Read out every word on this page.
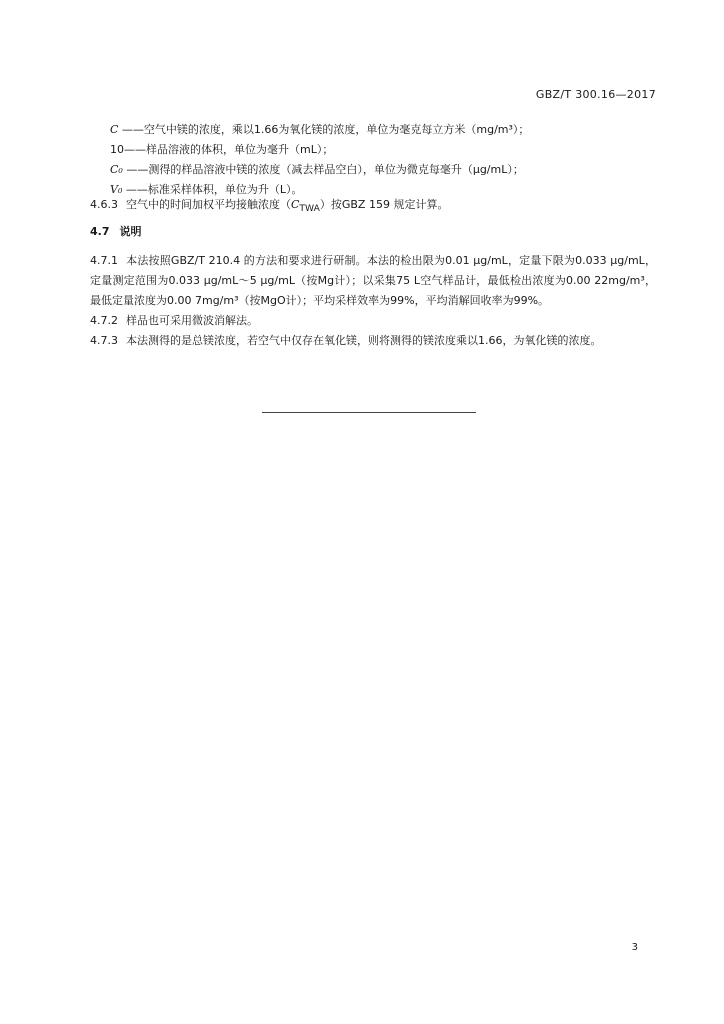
GBZ/T 300.16—2017
C ——空气中镁的浓度，乘以1.66为氧化镁的浓度，单位为毫克每立方米（mg/m³）；
10——样品溶液的体积，单位为毫升（mL）；
C₀ ——测得的样品溶液中镁的浓度（减去样品空白），单位为微克每毫升（μg/mL）；
V₀ ——标准采样体积，单位为升（L）。

4.6.3 空气中的时间加权平均接触浓度$(C_{TWA})$按GBZ 159 规定计算。

4.7 说明

4.7.1 本法按照GBZ/T 210.4 的方法和要求进行研制。本法的检出限为0.01 μg/mL，定量下限为0.033 μg/mL，定量测定范围为0.033 μg/mL～5 μg/mL（按Mg计）；以采集75 L空气样品计，最低检出浓度为0.00 22mg/m³，最低定量浓度为0.00 7mg/m³（按MgO计）；平均采样效率为99%，平均消解回收率为99%。

4.7.2 样品也可采用微波消解法。

4.7.3 本法测得的是总镁浓度，若空气中仅存在氧化镁，则将测得的镁浓度乘以1.66，为氧化镁的浓度。

3
